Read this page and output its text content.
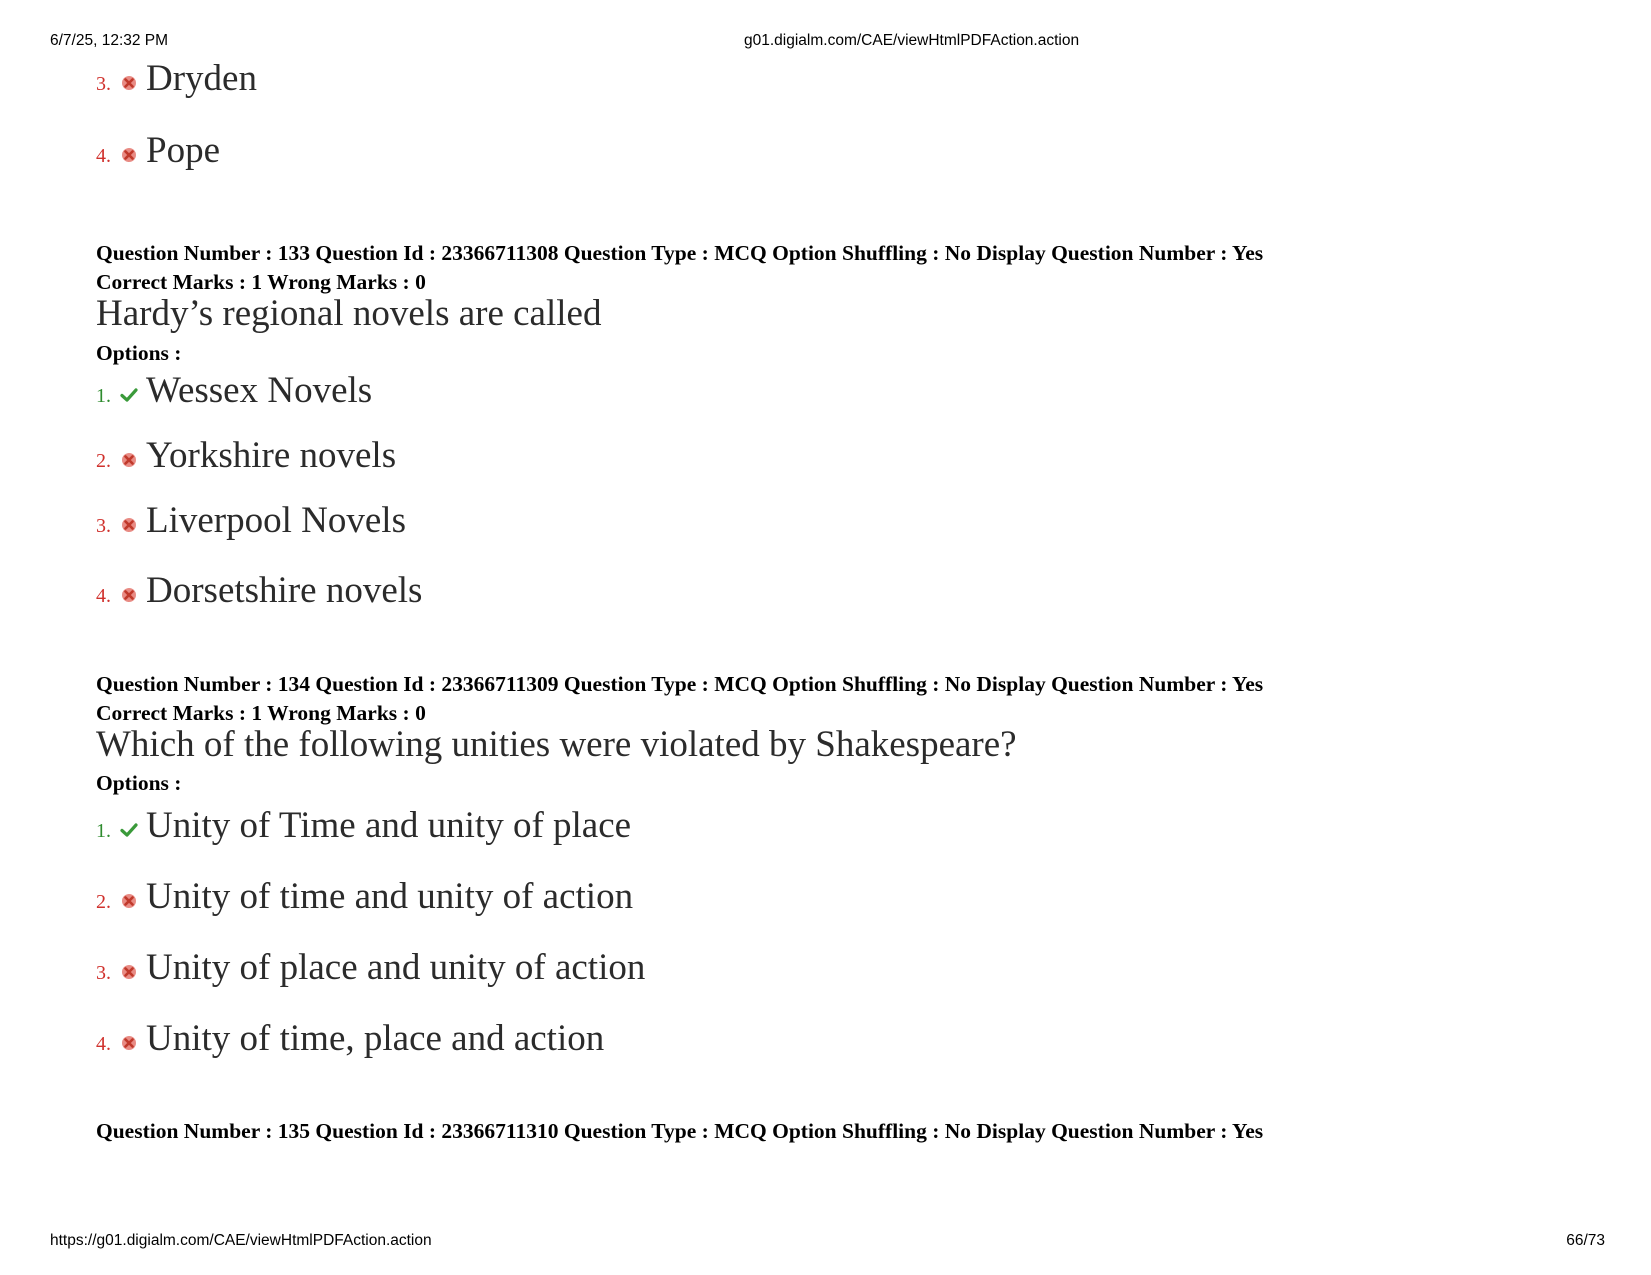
6/7/25, 12:32 PM	g01.digialm.com/CAE/viewHtmlPDFAction.action
3. Dryden
4. Pope
Question Number : 133 Question Id : 23366711308 Question Type : MCQ Option Shuffling : No Display Question Number : Yes
Correct Marks : 1 Wrong Marks : 0
Hardy’s regional novels are called
Options :
1. Wessex Novels
2. Yorkshire novels
3. Liverpool Novels
4. Dorsetshire novels
Question Number : 134 Question Id : 23366711309 Question Type : MCQ Option Shuffling : No Display Question Number : Yes
Correct Marks : 1 Wrong Marks : 0
Which of the following unities were violated by Shakespeare?
Options :
1. Unity of Time and unity of place
2. Unity of time and unity of action
3. Unity of place and unity of action
4. Unity of time, place and action
Question Number : 135 Question Id : 23366711310 Question Type : MCQ Option Shuffling : No Display Question Number : Yes
https://g01.digialm.com/CAE/viewHtmlPDFAction.action	66/73
